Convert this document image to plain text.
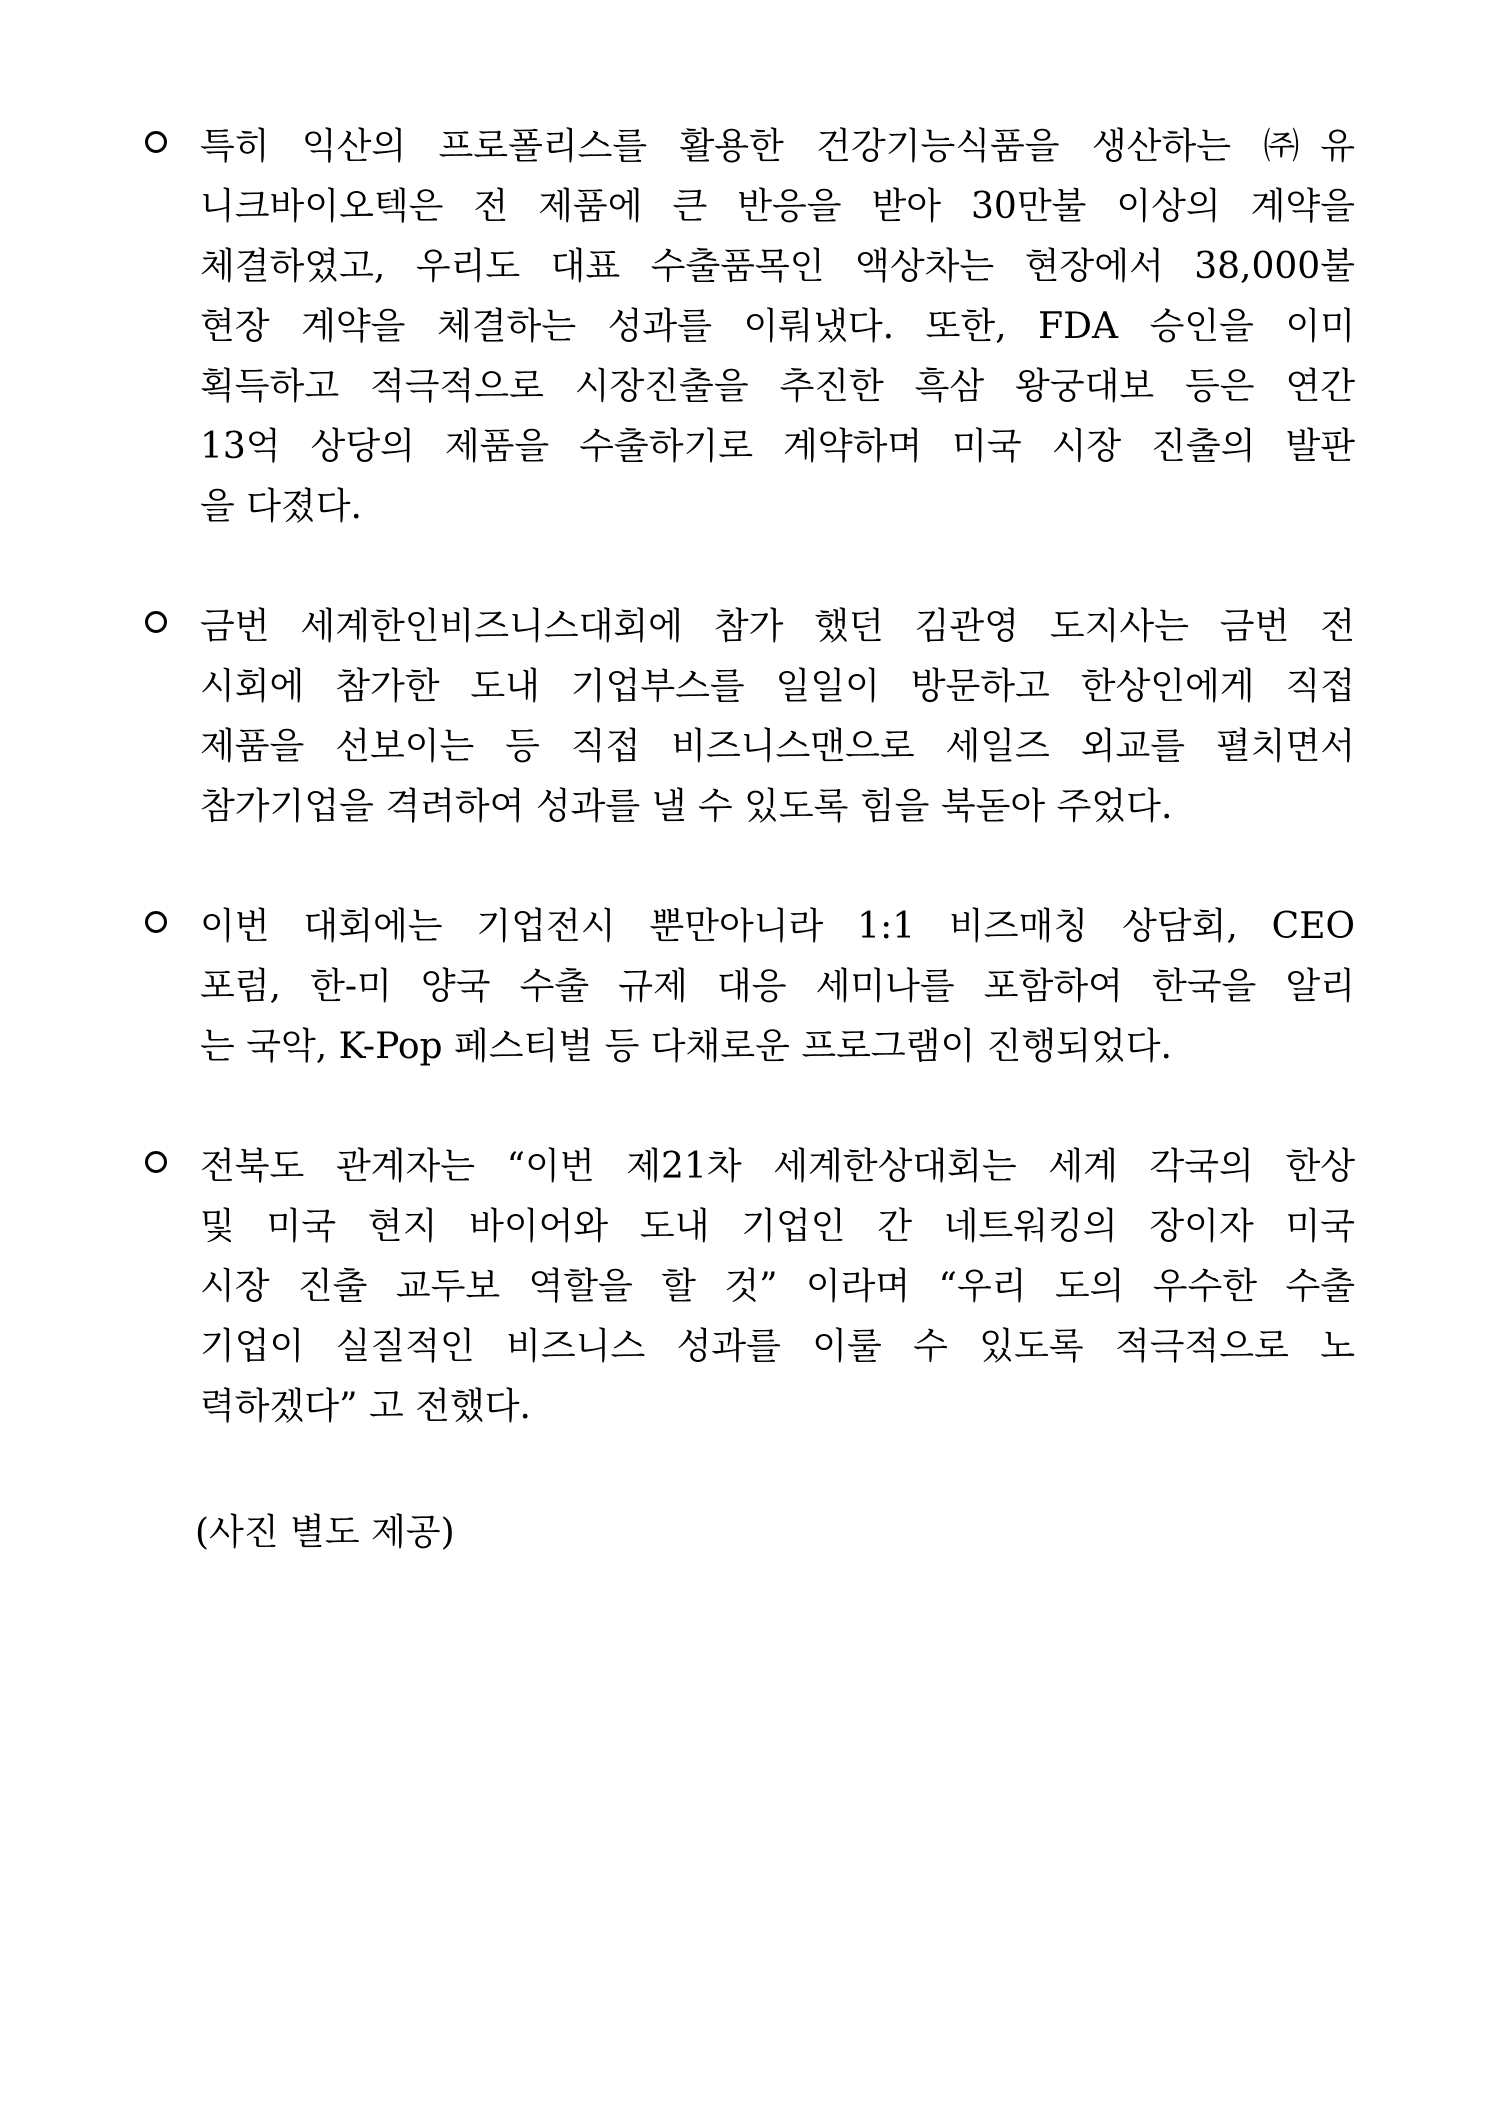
특히 익산의 프로폴리스를 활용한 건강기능식품을 생산하는 ㈜유
니크바이오텍은 전 제품에 큰 반응을 받아 30만불 이상의 계약을
체결하였고, 우리도 대표 수출품목인 액상차는 현장에서 38,000불
현장 계약을 체결하는 성과를 이뤄냈다. 또한, FDA 승인을 이미
획득하고 적극적으로 시장진출을 추진한 흑삼 왕궁대보 등은 연간
13억 상당의 제품을 수출하기로 계약하며 미국 시장 진출의 발판
을 다졌다.
금번 세계한인비즈니스대회에 참가 했던 김관영 도지사는 금번 전
시회에 참가한 도내 기업부스를 일일이 방문하고 한상인에게 직접
제품을 선보이는 등 직접 비즈니스맨으로 세일즈 외교를 펼치면서
참가기업을 격려하여 성과를 낼 수 있도록 힘을 북돋아 주었다.
이번 대회에는 기업전시 뿐만아니라 1:1 비즈매칭 상담회, CEO
포럼, 한-미 양국 수출 규제 대응 세미나를 포함하여 한국을 알리
는 국악, K-Pop 페스티벌 등 다채로운 프로그램이 진행되었다.
전북도 관계자는 “이번 제21차 세계한상대회는 세계 각국의 한상
및 미국 현지 바이어와 도내 기업인 간 네트워킹의 장이자 미국
시장 진출 교두보 역할을 할 것” 이라며 “우리 도의 우수한 수출
기업이 실질적인 비즈니스 성과를 이룰 수 있도록 적극적으로 노
력하겠다” 고 전했다.
(사진 별도 제공)
